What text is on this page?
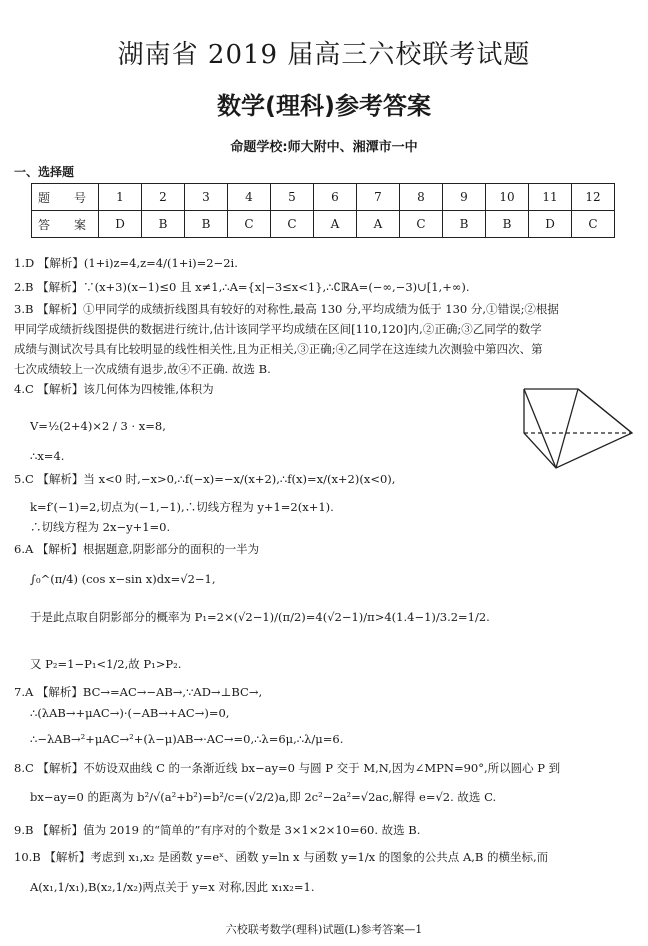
湖南省 2019 届高三六校联考试题
数学(理科)参考答案
命题学校:师大附中、湘潭市一中
一、选择题
题　号	1	2	3	4	5	6	7	8	9	10	11	12
答　案	D	B	B	C	C	A	A	C	B	B	D	C
1.D 【解析】(1+i)z=4,z=4/(1+i)=2−2i.
2.B 【解析】∵(x+3)(x−1)≤0 且 x≠1,∴A={x|−3≤x<1},∴∁ℝA=(−∞,−3)∪[1,+∞).
3.B 【解析】①甲同学的成绩折线图具有较好的对称性,最高 130 分,平均成绩为低于 130 分,①错误;②根据
甲同学成绩折线图提供的数据进行统计,估计该同学平均成绩在区间[110,120]内,②正确;③乙同学的数学
成绩与测试次号具有比较明显的线性相关性,且为正相关,③正确;④乙同学在这连续九次测验中第四次、第
七次成绩较上一次成绩有退步,故④不正确. 故选 B.
4.C 【解析】该几何体为四棱锥,体积为
V=½(2+4)×2 / 3 · x=8,
∴x=4.
5.C 【解析】当 x<0 时,−x>0,∴f(−x)=−x/(x+2),∴f(x)=x/(x+2)(x<0),
k=f′(−1)=2,切点为(−1,−1),∴切线方程为 y+1=2(x+1).
∴切线方程为 2x−y+1=0.
6.A 【解析】根据题意,阴影部分的面积的一半为
∫₀^(π/4) (cos x−sin x)dx=√2−1,
于是此点取自阴影部分的概率为 P₁=2×(√2−1)/(π/2)=4(√2−1)/π>4(1.4−1)/3.2=1/2.
又 P₂=1−P₁<1/2,故 P₁>P₂.
7.A 【解析】BC→=AC→−AB→,∵AD→⊥BC→,
∴(λAB→+μAC→)·(−AB→+AC→)=0,
∴−λAB→²+μAC→²+(λ−μ)AB→·AC→=0,∴λ=6μ,∴λ/μ=6.
8.C 【解析】不妨设双曲线 C 的一条渐近线 bx−ay=0 与圆 P 交于 M,N,因为∠MPN=90°,所以圆心 P 到
bx−ay=0 的距离为 b²/√(a²+b²)=b²/c=(√2/2)a,即 2c²−2a²=√2ac,解得 e=√2. 故选 C.
9.B 【解析】值为 2019 的“简单的”有序对的个数是 3×1×2×10=60. 故选 B.
10.B 【解析】考虑到 x₁,x₂ 是函数 y=eˣ、函数 y=ln x 与函数 y=1/x 的图象的公共点 A,B 的横坐标,而
A(x₁,1/x₁),B(x₂,1/x₂)两点关于 y=x 对称,因此 x₁x₂=1.
六校联考数学(理科)试题(L)参考答案—1
